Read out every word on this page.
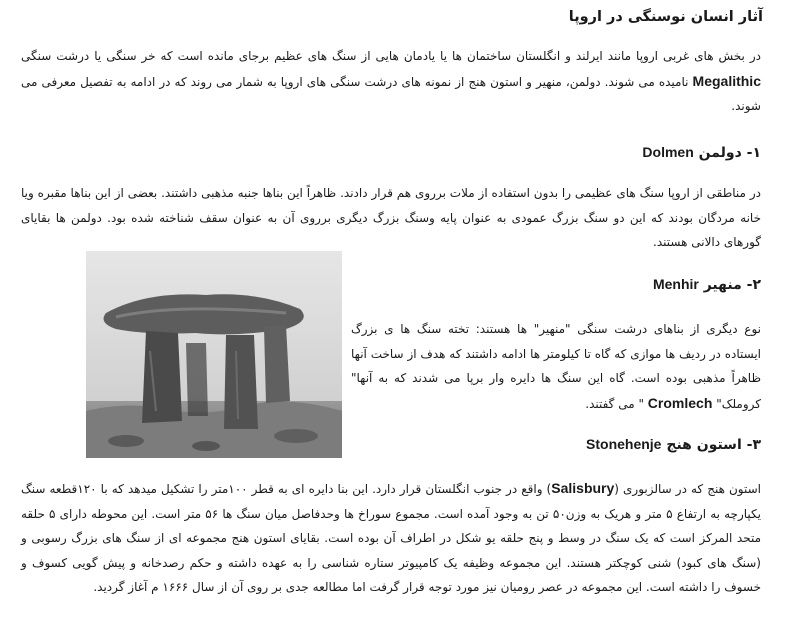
آثار انسان نوسنگی در اروپا
در بخش های غربی اروپا مانند ایرلند و انگلستان ساختمان ها یا یادمان هایی از سنگ های عظیم برجای مانده است که خر سنگی یا درشت سنگی Megalithic نامیده می شوند. دولمن، منهیر و استون هنج از نمونه های درشت سنگی های اروپا به شمار می روند که در ادامه به تفصیل معرفی می شوند.
۱- دولمن Dolmen
در مناطقی از اروپا سنگ های عظیمی را بدون استفاده از ملات برروی هم قرار دادند. ظاهراً این بناها جنبه مذهبی داشتند. بعضی از این بناها مقبره ویا خانه مردگان بودند که این دو سنگ بزرگ عمودی به عنوان پایه وسنگ بزرگ دیگری برروی آن به عنوان سقف شناخته شده بود. دولمن ها بقایای گورهای دالانی هستند.
۲- منهیر Menhir
نوع دیگری از بناهای درشت سنگی "منهیر" ها هستند: تخته سنگ ها ی بزرگ ایستاده در ردیف ها موازی که گاه تا کیلومتر ها ادامه داشتند که هدف از ساخت آنها ظاهراً مذهبی بوده است. گاه این سنگ ها دایره وار برپا می شدند که به آنها" کروملک" Cromlech " می گفتند.
۳- استون هنج Stonehenje
استون هنج که در سالزبوری (Salisbury) واقع در جنوب انگلستان قرار دارد. این بنا دایره ای به قطر ۱۰۰متر را تشکیل میدهد که با ۱۲۰قطعه سنگ یکپارچه به ارتفاع ۵ متر و هریک به وزن۵۰ تن به وجود آمده است. مجموع سوراخ ها وحدفاصل میان سنگ ها ۵۶ متر است. این محوطه دارای ۵ حلقه متحد المرکز است که یک سنگ در وسط و پنج حلقه یو شکل در اطراف آن بوده است. بقایای استون هنج مجموعه ای از سنگ های بزرگ رسوبی و (سنگ های کبود) شنی کوچکتر هستند. این مجموعه وظیفه یک کامپیوتر ستاره شناسی را به عهده داشته و حکم رصدخانه و پیش گویی کسوف و خسوف را داشته است. این مجموعه در عصر رومیان نیز مورد توجه قرار گرفت اما مطالعه جدی بر روی آن از سال ۱۶۶۶ م آغاز گردید.
